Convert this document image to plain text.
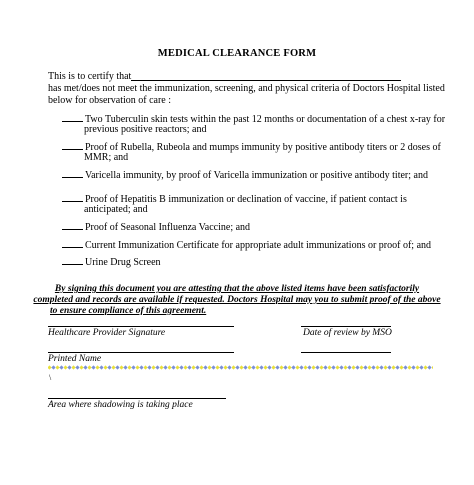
MEDICAL CLEARANCE FORM
This is to certify that
has met/does not meet the immunization, screening, and physical criteria of Doctors Hospital listed
below for observation of care :
Two Tuberculin skin tests within the past 12 months or documentation of a chest x-ray for
previous positive reactors; and
Proof of Rubella, Rubeola and mumps immunity by positive antibody titers or 2 doses of
MMR; and
Varicella immunity, by proof of Varicella immunization or positive antibody titer; and
Proof of Hepatitis B immunization or declination of vaccine, if patient contact is
anticipated; and
Proof of Seasonal Influenza Vaccine; and
Current Immunization Certificate for appropriate adult immunizations or proof of; and
Urine Drug Screen
By signing this document you are attesting that the above listed items have been satisfactorily
completed and records are available if requested. Doctors Hospital may you to submit proof of the above
to ensure compliance of this agreement.
Healthcare Provider Signature	Date of review by MSO
Printed Name
\
Area where shadowing is taking place
